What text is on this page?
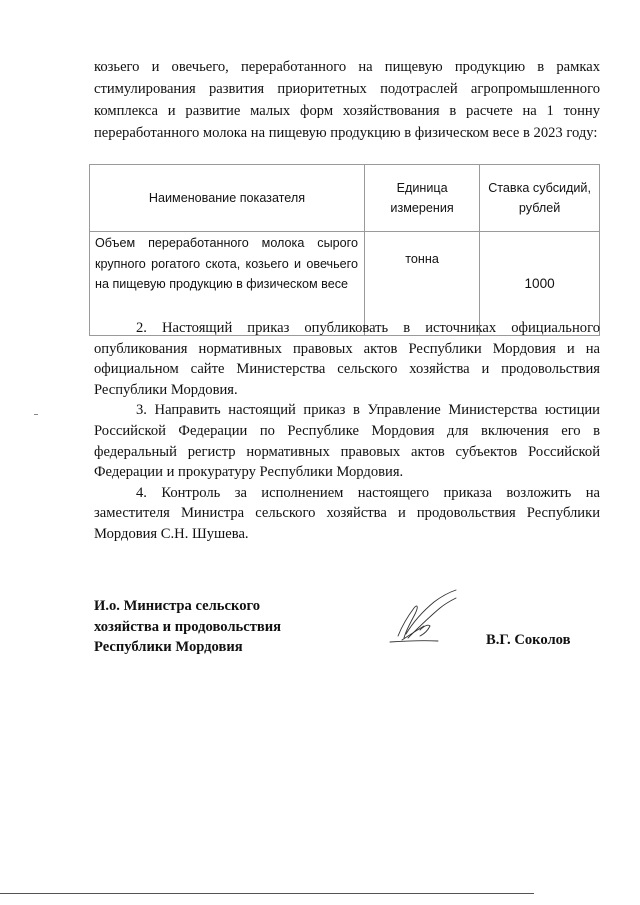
козьего и овечьего, переработанного на пищевую продукцию в рамках стимулирования развития приоритетных подотраслей агропромышленного комплекса и развитие малых форм хозяйствования в расчете на 1 тонну переработанного молока на пищевую продукцию в физическом весе в 2023 году:

Наименование показателя	Единица измерения	Ставка субсидий, рублей
Объем переработанного молока сырого крупного рогатого скота, козьего и овечьего на пищевую продукцию в физическом весе	тонна	1000

2. Настоящий приказ опубликовать в источниках официального опубликования нормативных правовых актов Республики Мордовия и на официальном сайте Министерства сельского хозяйства и продовольствия Республики Мордовия.

3. Направить настоящий приказ в Управление Министерства юстиции Российской Федерации по Республике Мордовия для включения его в федеральный регистр нормативных правовых актов субъектов Российской Федерации и прокуратуру Республики Мордовия.

4. Контроль за исполнением настоящего приказа возложить на заместителя Министра сельского хозяйства и продовольствия Республики Мордовия С.Н. Шушева.

И.о. Министра сельского
хозяйства и продовольствия
Республики Мордовия	В.Г. Соколов
